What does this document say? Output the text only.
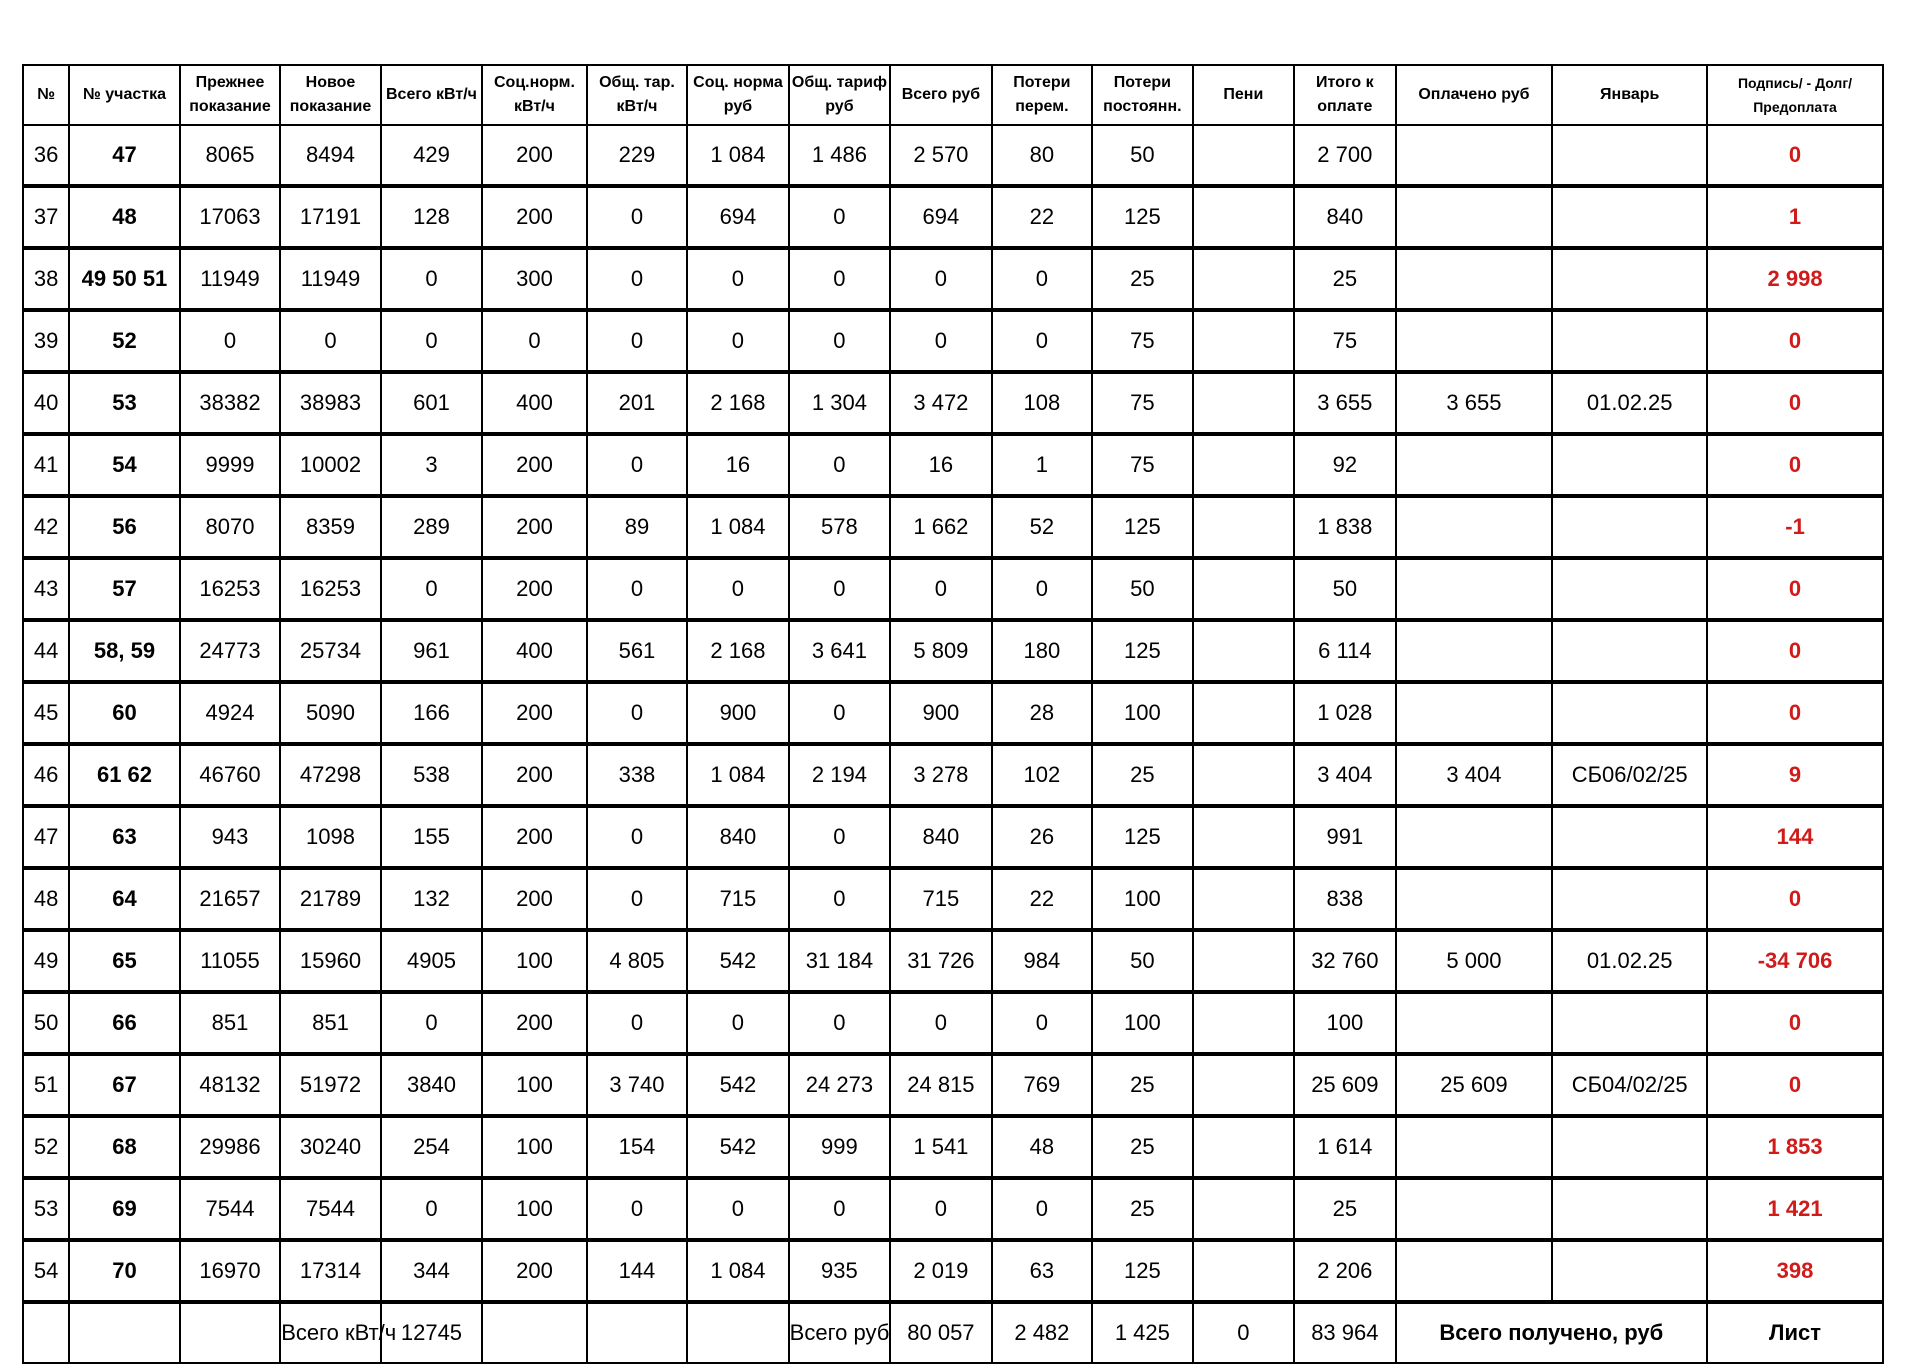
№	№ участка	Прежнее показание	Новое показание	Всего кВт/ч	Соц.норм. кВт/ч	Общ. тар. кВт/ч	Соц. норма руб	Общ. тариф руб	Всего руб	Потери перем.	Потери постоянн.	Пени	Итого к оплате	Оплачено руб	Январь	Подпись/ - Долг/Предоплата
36	47	8065	8494	429	200	229	1 084	1 486	2 570	80	50		2 700			0
37	48	17063	17191	128	200	0	694	0	694	22	125		840			1
38	49 50 51	11949	11949	0	300	0	0	0	0	0	25		25			2 998
39	52	0	0	0	0	0	0	0	0	0	75		75			0
40	53	38382	38983	601	400	201	2 168	1 304	3 472	108	75		3 655	3 655	01.02.25	0
41	54	9999	10002	3	200	0	16	0	16	1	75		92			0
42	56	8070	8359	289	200	89	1 084	578	1 662	52	125		1 838			-1
43	57	16253	16253	0	200	0	0	0	0	0	50		50			0
44	58, 59	24773	25734	961	400	561	2 168	3 641	5 809	180	125		6 114			0
45	60	4924	5090	166	200	0	900	0	900	28	100		1 028			0
46	61 62	46760	47298	538	200	338	1 084	2 194	3 278	102	25		3 404	3 404	СБ06/02/25	9
47	63	943	1098	155	200	0	840	0	840	26	125		991			144
48	64	21657	21789	132	200	0	715	0	715	22	100		838			0
49	65	11055	15960	4905	100	4 805	542	31 184	31 726	984	50		32 760	5 000	01.02.25	-34 706
50	66	851	851	0	200	0	0	0	0	0	100		100			0
51	67	48132	51972	3840	100	3 740	542	24 273	24 815	769	25		25 609	25 609	СБ04/02/25	0
52	68	29986	30240	254	100	154	542	999	1 541	48	25		1 614			1 853
53	69	7544	7544	0	100	0	0	0	0	0	25		25			1 421
54	70	16970	17314	344	200	144	1 084	935	2 019	63	125		2 206			398
			Всего кВт/ч	12745				Всего руб	80 057	2 482	1 425	0	83 964	Всего получено, руб		Лист
